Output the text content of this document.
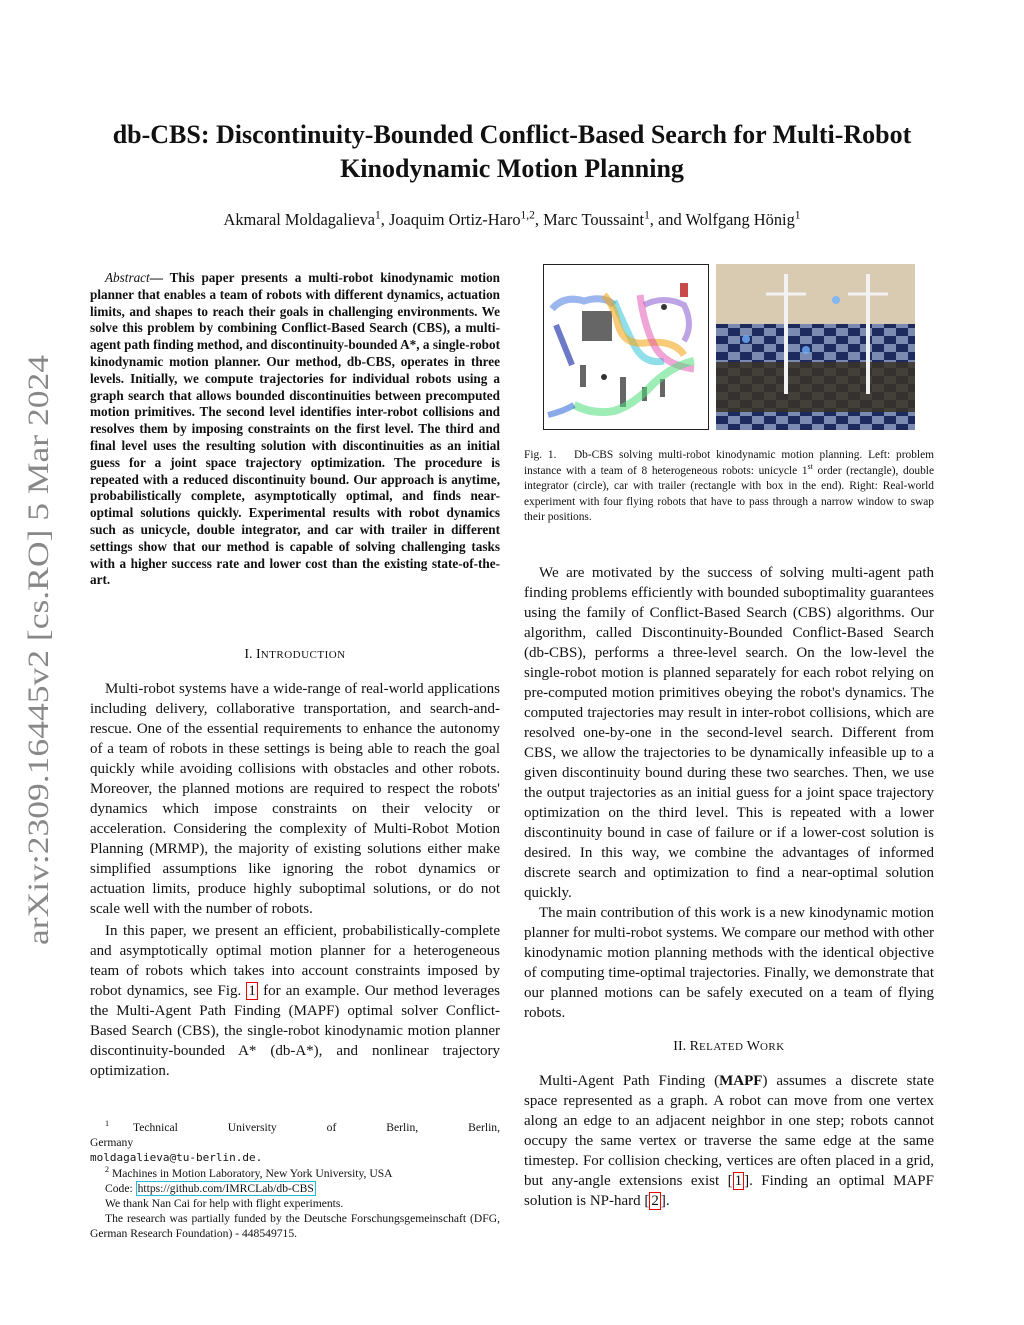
arXiv:2309.16445v2 [cs.RO] 5 Mar 2024
db-CBS: Discontinuity-Bounded Conflict-Based Search for Multi-Robot
Kinodynamic Motion Planning
Akmaral Moldagalieva$^1$, Joaquim Ortiz-Haro$^{1,2}$, Marc Toussaint$^1$, and Wolfgang Hönig$^1$

Abstract— This paper presents a multi-robot kinodynamic motion planner that enables a team of robots with different dynamics, actuation limits, and shapes to reach their goals in challenging environments. We solve this problem by combining Conflict-Based Search (CBS), a multi-agent path finding method, and discontinuity-bounded A*, a single-robot kinodynamic motion planner. Our method, db-CBS, operates in three levels. Initially, we compute trajectories for individual robots using a graph search that allows bounded discontinuities between precomputed motion primitives. The second level identifies inter-robot collisions and resolves them by imposing constraints on the first level. The third and final level uses the resulting solution with discontinuities as an initial guess for a joint space trajectory optimization. The procedure is repeated with a reduced discontinuity bound. Our approach is anytime, probabilistically complete, asymptotically optimal, and finds near-optimal solutions quickly. Experimental results with robot dynamics such as unicycle, double integrator, and car with trailer in different settings show that our method is capable of solving challenging tasks with a higher success rate and lower cost than the existing state-of-the-art.

I. INTRODUCTION

Multi-robot systems have a wide-range of real-world applications including delivery, collaborative transportation, and search-and-rescue. One of the essential requirements to enhance the autonomy of a team of robots in these settings is being able to reach the goal quickly while avoiding collisions with obstacles and other robots. Moreover, the planned motions are required to respect the robots' dynamics which impose constraints on their velocity or acceleration. Considering the complexity of Multi-Robot Motion Planning (MRMP), the majority of existing solutions either make simplified assumptions like ignoring the robot dynamics or actuation limits, produce highly suboptimal solutions, or do not scale well with the number of robots.

In this paper, we present an efficient, probabilistically-complete and asymptotically optimal motion planner for a heterogeneous team of robots which takes into account constraints imposed by robot dynamics, see Fig. 1 for an example. Our method leverages the Multi-Agent Path Finding (MAPF) optimal solver Conflict-Based Search (CBS), the single-robot kinodynamic motion planner discontinuity-bounded A* (db-A*), and nonlinear trajectory optimization.

$^1$ Technical University of Berlin, Berlin, Germany
moldagalieva@tu-berlin.de.
$^2$ Machines in Motion Laboratory, New York University, USA
Code: https://github.com/IMRCLab/db-CBS
We thank Nan Cai for help with flight experiments.
The research was partially funded by the Deutsche Forschungsgemeinschaft (DFG, German Research Foundation) - 448549715.
Fig. 1. Db-CBS solving multi-robot kinodynamic motion planning. Left: problem instance with a team of 8 heterogeneous robots: unicycle 1st order (rectangle), double integrator (circle), car with trailer (rectangle with box in the end). Right: Real-world experiment with four flying robots that have to pass through a narrow window to swap their positions.

We are motivated by the success of solving multi-agent path finding problems efficiently with bounded suboptimality guarantees using the family of Conflict-Based Search (CBS) algorithms. Our algorithm, called Discontinuity-Bounded Conflict-Based Search (db-CBS), performs a three-level search. On the low-level the single-robot motion is planned separately for each robot relying on pre-computed motion primitives obeying the robot's dynamics. The computed trajectories may result in inter-robot collisions, which are resolved one-by-one in the second-level search. Different from CBS, we allow the trajectories to be dynamically infeasible up to a given discontinuity bound during these two searches. Then, we use the output trajectories as an initial guess for a joint space trajectory optimization on the third level. This is repeated with a lower discontinuity bound in case of failure or if a lower-cost solution is desired. In this way, we combine the advantages of informed discrete search and optimization to find a near-optimal solution quickly.

The main contribution of this work is a new kinodynamic motion planner for multi-robot systems. We compare our method with other kinodynamic motion planning methods with the identical objective of computing time-optimal trajectories. Finally, we demonstrate that our planned motions can be safely executed on a team of flying robots.

II. RELATED WORK

Multi-Agent Path Finding (MAPF) assumes a discrete state space represented as a graph. A robot can move from one vertex along an edge to an adjacent neighbor in one step; robots cannot occupy the same vertex or traverse the same edge at the same timestep. For collision checking, vertices are often placed in a grid, but any-angle extensions exist [ 1 ]. Finding an optimal MAPF solution is NP-hard [ 2 ].
